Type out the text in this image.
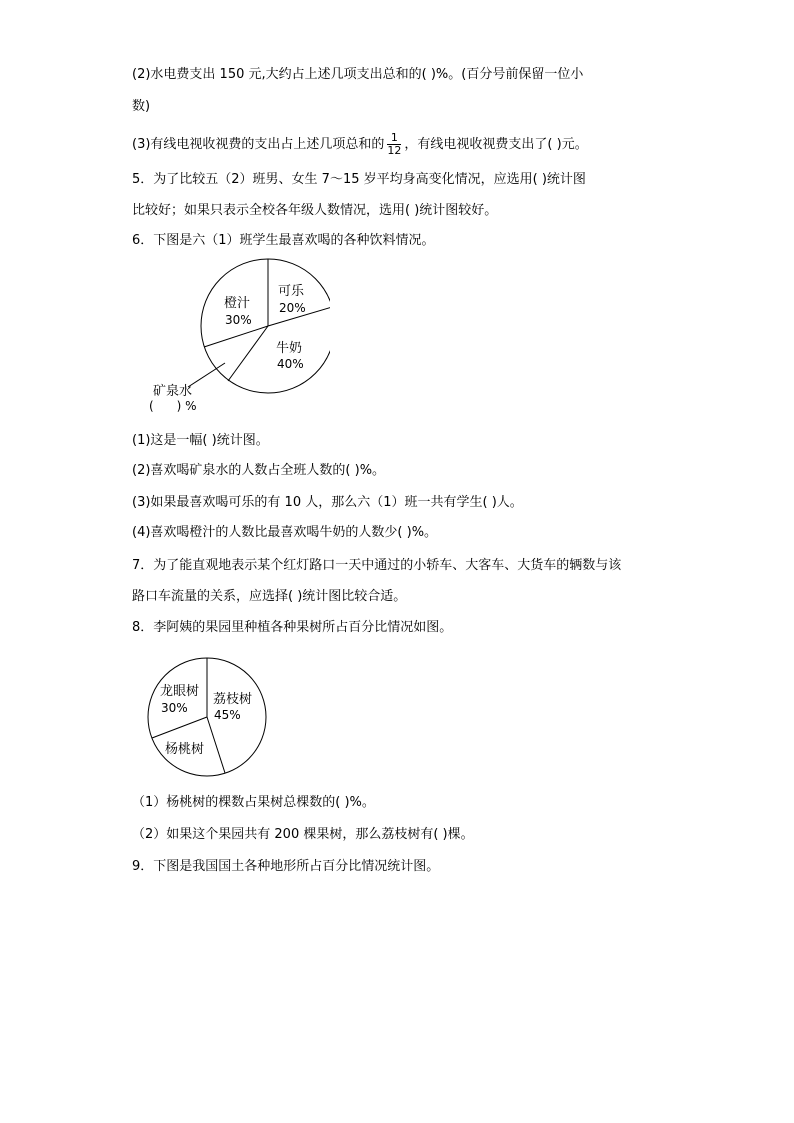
(2)水电费支出 150 元,大约占上述几项支出总和的( )%。(百分号前保留一位小
数)
(3)有线电视收视费的支出占上述几项总和的 $\frac{1}{12}$ ，有线电视收视费支出了( )元。
5．为了比较五（2）班男、女生 7～15 岁平均身高变化情况，应选用( )统计图
比较好；如果只表示全校各年级人数情况，选用( )统计图较好。
6．下图是六（1）班学生最喜欢喝的各种饮料情况。
可乐
20%
牛奶
40%
橙汁
30%
矿泉水
(      ) %
(1)这是一幅( )统计图。
(2)喜欢喝矿泉水的人数占全班人数的( )%。
(3)如果最喜欢喝可乐的有 10 人，那么六（1）班一共有学生( )人。
(4)喜欢喝橙汁的人数比最喜欢喝牛奶的人数少( )%。
7．为了能直观地表示某个红灯路口一天中通过的小轿车、大客车、大货车的辆数与该
路口车流量的关系，应选择( )统计图比较合适。
8．李阿姨的果园里种植各种果树所占百分比情况如图。
龙眼树
30%
荔枝树
45%
杨桃树
（1）杨桃树的棵数占果树总棵数的( )%。
（2）如果这个果园共有 200 棵果树，那么荔枝树有( )棵。
9．下图是我国国土各种地形所占百分比情况统计图。
